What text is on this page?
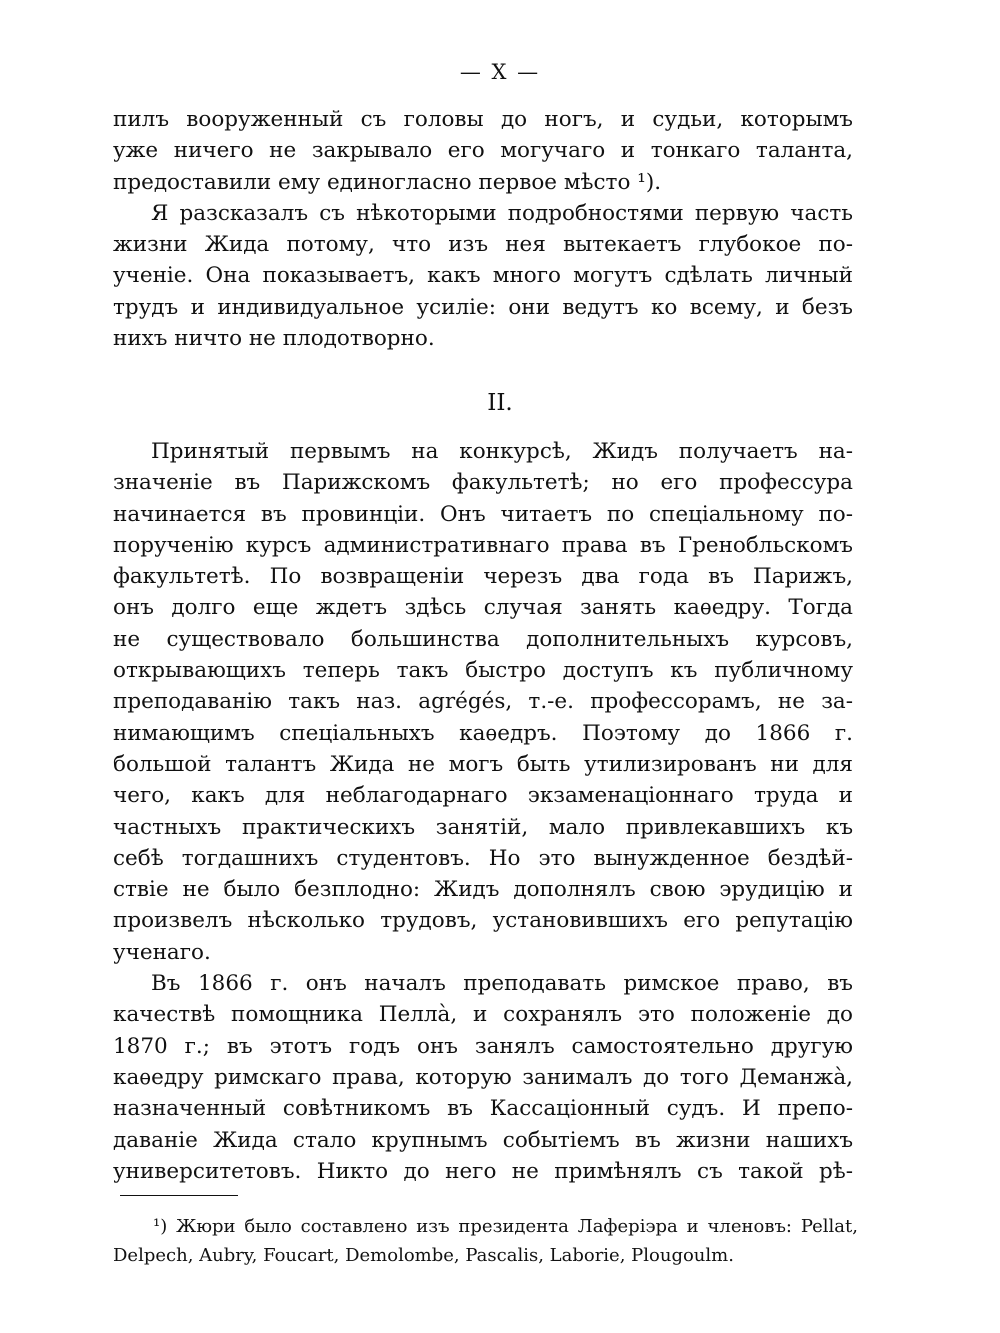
— X —
пилъ вооруженный съ головы до ногъ, и судьи, которымъ
уже ничего не закрывало его могучаго и тонкаго таланта,
предоставили ему единогласно первое мѣсто ¹).
Я разсказалъ съ нѣкоторыми подробностями первую часть
жизни Жида потому, что изъ нея вытекаетъ глубокое по-
ученіе. Она показываетъ, какъ много могутъ сдѣлать личный
трудъ и индивидуальное усиліе: они ведутъ ко всему, и безъ
нихъ ничто не плодотворно.
II.
Принятый первымъ на конкурсѣ, Жидъ получаетъ на-
значеніе въ Парижскомъ факультетѣ; но его профессура
начинается въ провинціи. Онъ читаетъ по спеціальному по-
порученію курсъ административнаго права въ Гренобльскомъ
факультетѣ. По возвращеніи черезъ два года въ Парижъ,
онъ долго еще ждетъ здѣсь случая занять каѳедру. Тогда
не существовало большинства дополнительныхъ курсовъ,
открывающихъ теперь такъ быстро доступъ къ публичному
преподаванію такъ наз. agrégés, т.-е. профессорамъ, не за-
нимающимъ спеціальныхъ каѳедръ. Поэтому до 1866 г.
большой талантъ Жида не могъ быть утилизированъ ни для
чего, какъ для неблагодарнаго экзаменаціоннаго труда и
частныхъ практическихъ занятій, мало привлекавшихъ къ
себѣ тогдашнихъ студентовъ. Но это вынужденное бездѣй-
ствіе не было безплодно: Жидъ дополнялъ свою эрудицію и
произвелъ нѣсколько трудовъ, установившихъ его репутацію
ученаго.
Въ 1866 г. онъ началъ преподавать римское право, въ
качествѣ помощника Пелла̀, и сохранялъ это положеніе до
1870 г.; въ этотъ годъ онъ занялъ самостоятельно другую
каѳедру римскаго права, которую занималъ до того Деманжа̀,
назначенный совѣтникомъ въ Кассаціонный судъ. И препо-
даваніе Жида стало крупнымъ событіемъ въ жизни нашихъ
университетовъ. Никто до него не примѣнялъ съ такой рѣ-
¹) Жюри было составлено изъ президента Лаферіэра и членовъ: Pellat,
Delpech, Aubry, Foucart, Demolombe, Pascalis, Laborie, Plougoulm.
